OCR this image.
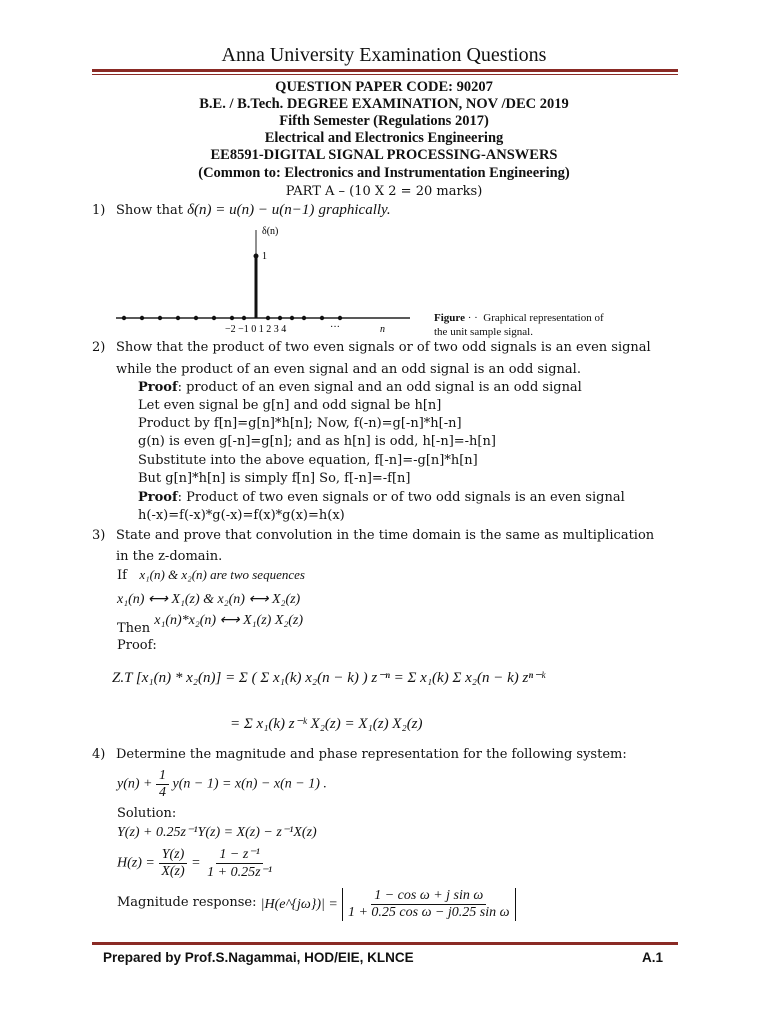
Anna University Examination Questions
QUESTION PAPER CODE: 90207
B.E. / B.Tech. DEGREE EXAMINATION, NOV /DEC 2019
Fifth Semester (Regulations 2017)
Electrical and Electronics Engineering
EE8591-DIGITAL SIGNAL PROCESSING-ANSWERS
(Common to: Electronics and Instrumentation Engineering)
PART A – (10 X 2 = 20 marks)
1) Show that δ(n) = u(n) − u(n−1) graphically.
δ(n)
1
−2 −1 0 1 2 3 4	···	n
Figure · · Graphical representation of
the unit sample signal.
2) Show that the product of two even signals or of two odd signals is an even signal
while the product of an even signal and an odd signal is an odd signal.
Proof: product of an even signal and an odd signal is an odd signal
Let even signal be g[n] and odd signal be h[n]
Product by f[n]=g[n]*h[n]; Now, f(-n)=g[-n]*h[-n]
g(n) is even g[-n]=g[n]; and as h[n] is odd, h[-n]=-h[n]
Substitute into the above equation, f[-n]=-g[n]*h[n]
But g[n]*h[n] is simply f[n] So, f[-n]=-f[n]
Proof: Product of two even signals or of two odd signals is an even signal
h(-x)=f(-x)*g(-x)=f(x)*g(x)=h(x)
3) State and prove that convolution in the time domain is the same as multiplication
in the z-domain.
If x₁(n) & x₂(n) are two sequences
x₁(n) ⟷ X₁(z) & x₂(n) ⟷ X₂(z)
Then x₁(n)*x₂(n) ⟷ X₁(z) X₂(z)
Proof:
Z.T [x₁(n) * x₂(n)] = Σ ( Σ x₁(k) x₂(n − k) ) z⁻ⁿ = Σ x₁(k) Σ x₂(n − k) zⁿ⁻ᵏ
= Σ x₁(k) z⁻ᵏ X₂(z) = X₁(z) X₂(z)
4) Determine the magnitude and phase representation for the following system:
$y(n) + \frac{1}{4} y(n - 1) = x(n) - x(n - 1)$ .
Solution:
Y(z) + 0.25z⁻¹Y(z) = X(z) − z⁻¹X(z)
$H(z) = \frac{Y(z)}{X(z)} = \frac{\text{1 − z⁻¹}}{\text{1 + 0.25z⁻¹}}$
Magnitude response: |H(e^{jω})| = $\frac{\text{1 − cos ω + j sin ω}}{\text{1 + 0.25 cos ω − j0.25 sin ω}}$
Prepared by Prof.S.Nagammai, HOD/EIE, KLNCE	A.1
